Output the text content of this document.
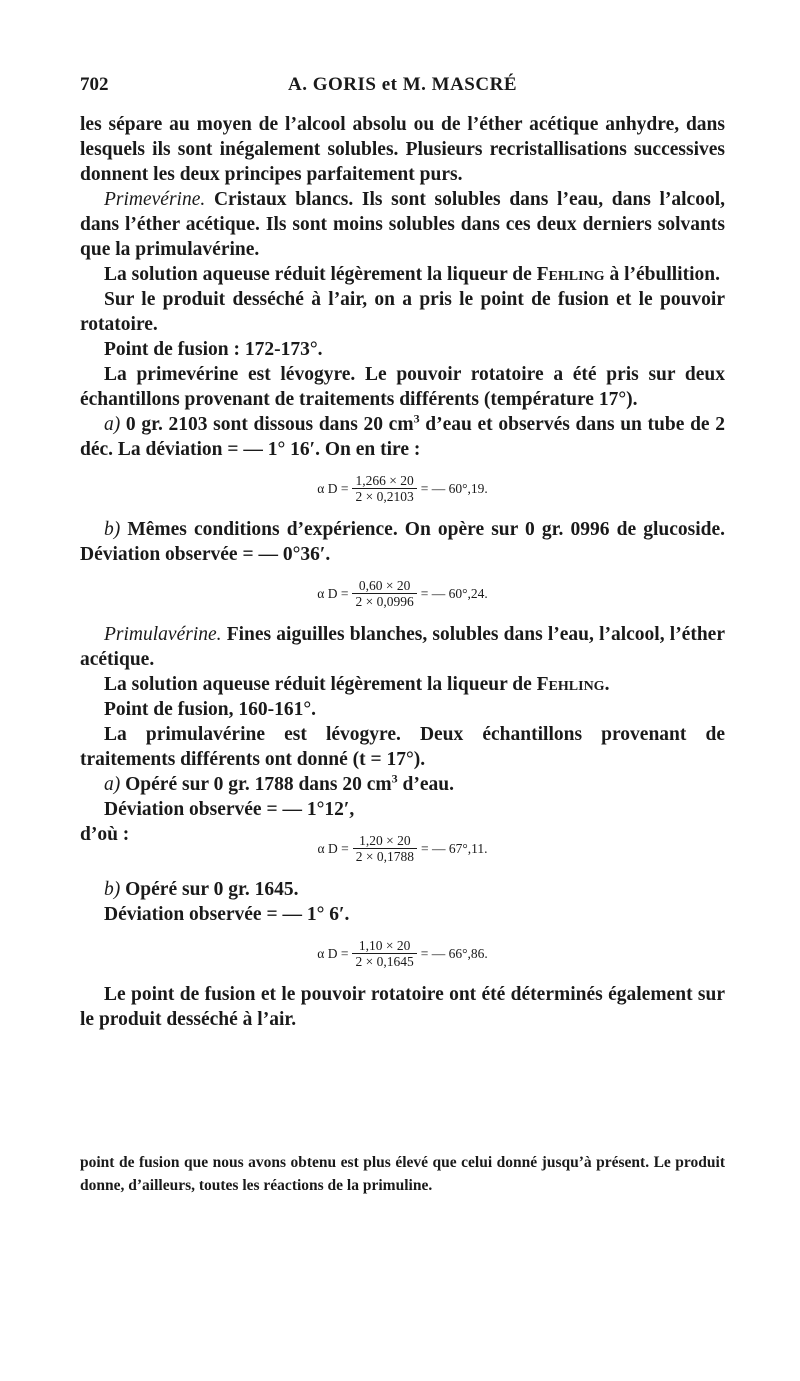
702	A. GORIS et M. MASCRÉ

les sépare au moyen de l’alcool absolu ou de l’éther acétique anhydre, dans lesquels ils sont inégalement solubles. Plusieurs recristallisations successives donnent les deux principes parfaitement purs.

Primevérine. Cristaux blancs. Ils sont solubles dans l’eau, dans l’alcool, dans l’éther acétique. Ils sont moins solubles dans ces deux derniers solvants que la primulavérine.

La solution aqueuse réduit légèrement la liqueur de Fehling à l’ébullition.

Sur le produit desséché à l’air, on a pris le point de fusion et le pouvoir rotatoire.

Point de fusion : 172-173°.

La primevérine est lévogyre. Le pouvoir rotatoire a été pris sur deux échantillons provenant de traitements différents (température 17°).

a) 0 gr. 2103 sont dissous dans 20 $cm^3$ d’eau et observés dans un tube de 2 déc. La déviation = — 1° 16′. On en tire :

α $D = \frac{1,266 \times 20}{2 \times 0,2103}$ = — 60°,19.

b) Mêmes conditions d’expérience. On opère sur 0 gr. 0996 de glucoside. Déviation observée = — 0°36′.

α $D = \frac{0,60 \times 20}{2 \times 0,0996}$ = — 60°,24.

Primulavérine. Fines aiguilles blanches, solubles dans l’eau, l’alcool, l’éther acétique.

La solution aqueuse réduit légèrement la liqueur de Fehling.

Point de fusion, 160-161°.

La primulavérine est lévogyre. Deux échantillons provenant de traitements différents ont donné (t = 17°).

a) Opéré sur 0 gr. 1788 dans 20 $cm^3$ d’eau.

Déviation observée = — 1°12′,

d’où :

α $D = \frac{1,20 \times 20}{2 \times 0,1788}$ = — 67°,11.

b) Opéré sur 0 gr. 1645.

Déviation observée = — 1° 6′.

α $D = \frac{1,10 \times 20}{2 \times 0,1645}$ = — 66°,86.

Le point de fusion et le pouvoir rotatoire ont été déterminés également sur le produit desséché à l’air.

point de fusion que nous avons obtenu est plus élevé que celui donné jusqu’à présent. Le produit donne, d’ailleurs, toutes les réactions de la primuline.
